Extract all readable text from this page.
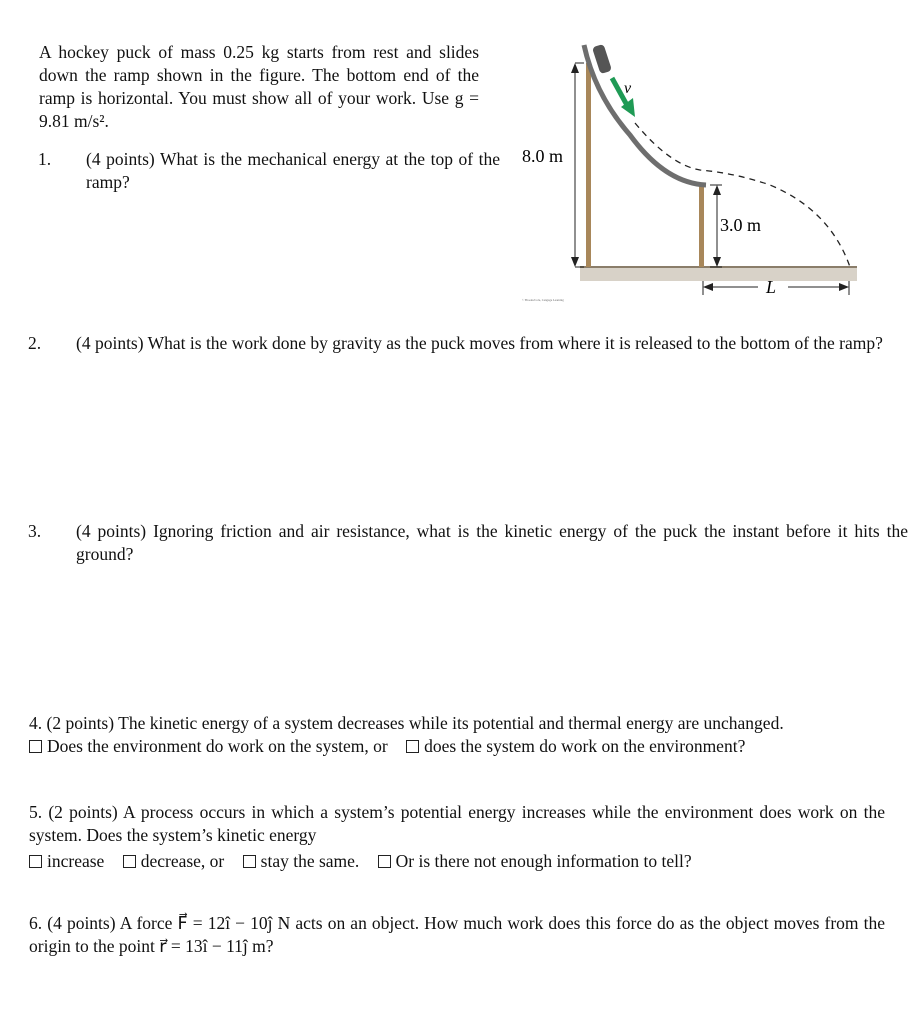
A hockey puck of mass 0.25 kg starts from rest and slides down the ramp shown in the figure. The bottom end of the ramp is horizontal. You must show all of your work. Use g = 9.81 m/s².
1. (4 points) What is the mechanical energy at the top of the ramp?
v⃗
8.0 m
3.0 m
L
© Brooks/Cole, Cengage Learning
2. (4 points) What is the work done by gravity as the puck moves from where it is released to the bottom of the ramp?
3. (4 points) Ignoring friction and air resistance, what is the kinetic energy of the puck the instant before it hits the ground?
4. (2 points) The kinetic energy of a system decreases while its potential and thermal energy are unchanged.
Does the environment do work on the system, or does the system do work on the environment?
5. (2 points) A process occurs in which a system’s potential energy increases while the environment does work on the system. Does the system’s kinetic energy
increase decrease, or stay the same. Or is there not enough information to tell?
6. (4 points) A force F⃗ = 12î − 10ĵ N acts on an object. How much work does this force do as the object moves from the origin to the point r⃗ = 13î − 11ĵ m?
